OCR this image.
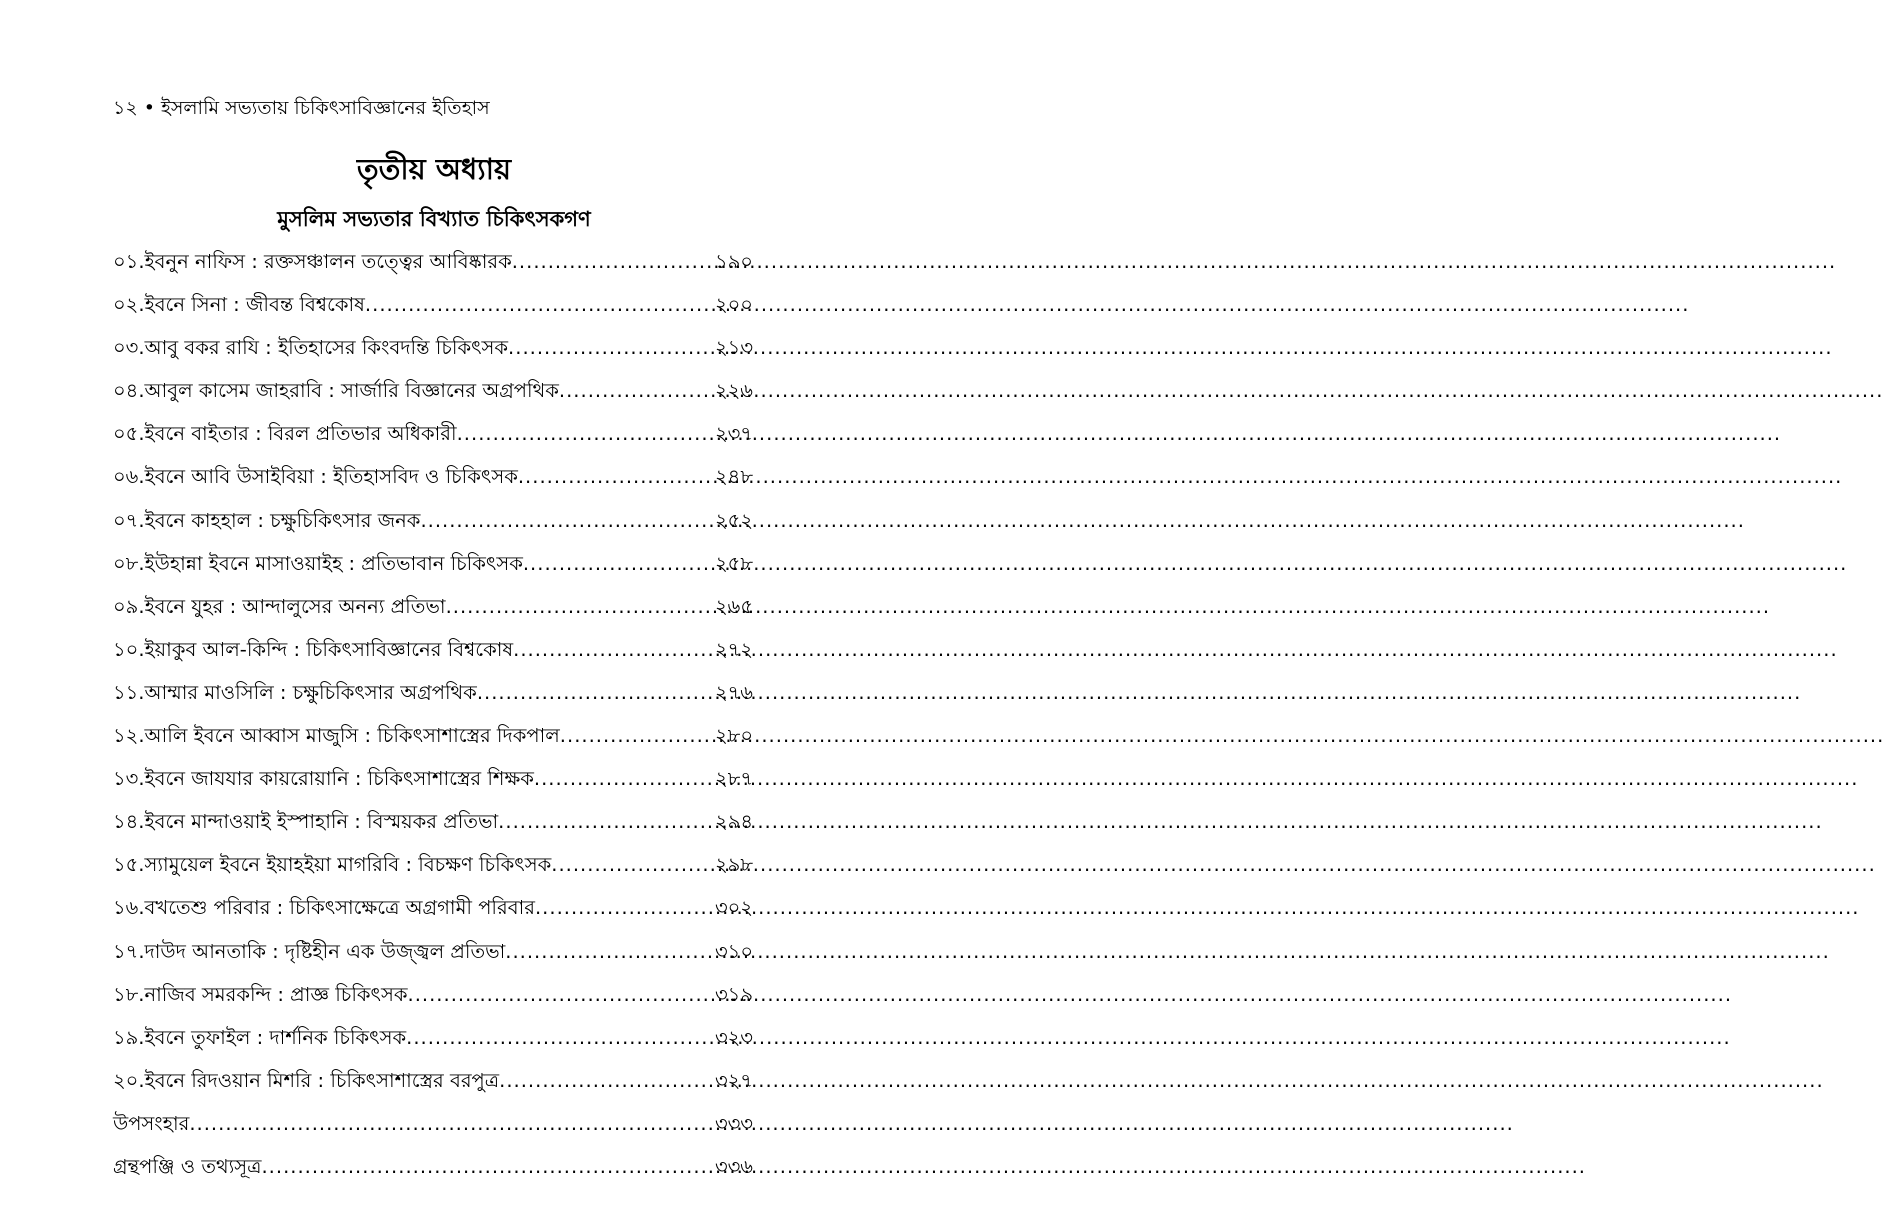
১২ • ইসলামি সভ্যতায় চিকিৎসাবিজ্ঞানের ইতিহাস
তৃতীয় অধ্যায়
মুসলিম সভ্যতার বিখ্যাত চিকিৎসকগণ
০১. ইবনুন নাফিস : রক্তসঞ্চালন তত্ত্বের আবিষ্কারক .....	১৯০
০২. ইবনে সিনা : জীবন্ত বিশ্বকোষ .....	২০০
০৩. আবু বকর রাযি : ইতিহাসের কিংবদন্তি চিকিৎসক .....	২১৩
০৪. আবুল কাসেম জাহরাবি : সার্জারি বিজ্ঞানের অগ্রপথিক .....	২২৬
০৫. ইবনে বাইতার : বিরল প্রতিভার অধিকারী .....	২৩৭
০৬. ইবনে আবি উসাইবিয়া : ইতিহাসবিদ ও চিকিৎসক .....	২৪৮
০৭. ইবনে কাহহাল : চক্ষুচিকিৎসার জনক .....	২৫২
০৮. ইউহান্না ইবনে মাসাওয়াইহ : প্রতিভাবান চিকিৎসক .....	২৫৮
০৯. ইবনে যুহর : আন্দালুসের অনন্য প্রতিভা .....	২৬৫
১০. ইয়াকুব আল-কিন্দি : চিকিৎসাবিজ্ঞানের বিশ্বকোষ .....	২৭২
১১. আম্মার মাওসিলি : চক্ষুচিকিৎসার অগ্রপথিক .....	২৭৬
১২. আলি ইবনে আব্বাস মাজুসি : চিকিৎসাশাস্ত্রের দিকপাল .....	২৮০
১৩. ইবনে জাযযার কায়রোয়ানি : চিকিৎসাশাস্ত্রের শিক্ষক .....	২৮৭
১৪. ইবনে মান্দাওয়াই ইস্পাহানি : বিস্ময়কর প্রতিভা .....	২৯৪
১৫. স্যামুয়েল ইবনে ইয়াহইয়া মাগরিবি : বিচক্ষণ চিকিৎসক .....	২৯৮
১৬. বখতেশু পরিবার : চিকিৎসাক্ষেত্রে অগ্রগামী পরিবার .....	৩০২
১৭. দাউদ আনতাকি : দৃষ্টিহীন এক উজ্জ্বল প্রতিভা .....	৩১০
১৮. নাজিব সমরকন্দি : প্রাজ্ঞ চিকিৎসক .....	৩১৯
১৯. ইবনে তুফাইল : দার্শনিক চিকিৎসক .....	৩২৩
২০. ইবনে রিদওয়ান মিশরি : চিকিৎসাশাস্ত্রের বরপুত্র .....	৩২৭
উপসংহার .....	৩৩৩
গ্রন্থপঞ্জি ও তথ্যসূত্র .....	৩৩৬
